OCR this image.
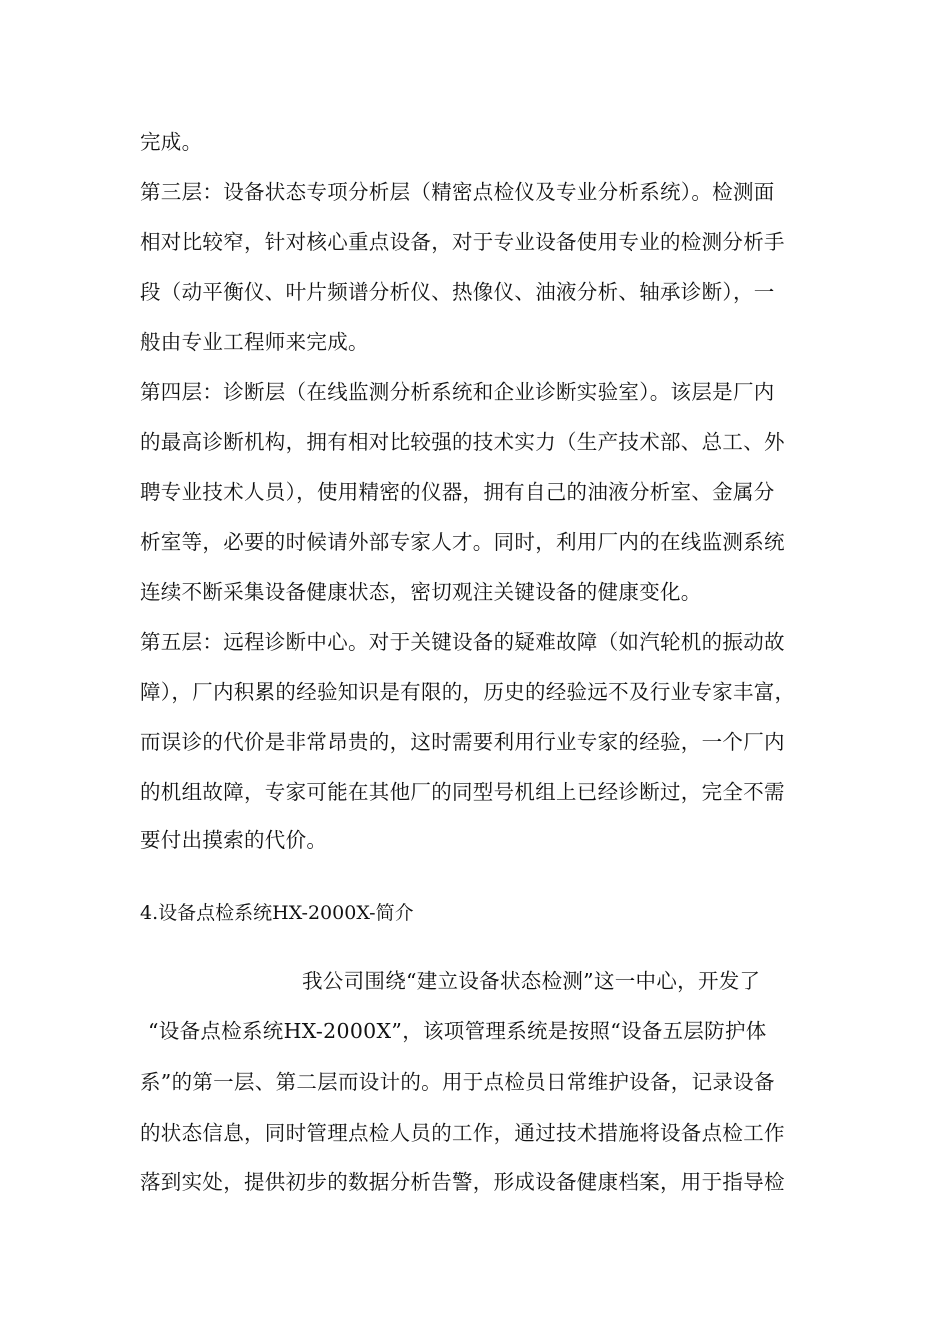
完成。
第三层：设备状态专项分析层（精密点检仪及专业分析系统）。检测面
相对比较窄，针对核心重点设备，对于专业设备使用专业的检测分析手
段（动平衡仪、叶片频谱分析仪、热像仪、油液分析、轴承诊断），一
般由专业工程师来完成。
第四层：诊断层（在线监测分析系统和企业诊断实验室）。该层是厂内
的最高诊断机构，拥有相对比较强的技术实力（生产技术部、总工、外
聘专业技术人员），使用精密的仪器，拥有自己的油液分析室、金属分
析室等，必要的时候请外部专家人才。同时，利用厂内的在线监测系统
连续不断采集设备健康状态，密切观注关键设备的健康变化。
第五层：远程诊断中心。对于关键设备的疑难故障（如汽轮机的振动故
障），厂内积累的经验知识是有限的，历史的经验远不及行业专家丰富，
而误诊的代价是非常昂贵的，这时需要利用行业专家的经验，一个厂内
的机组故障，专家可能在其他厂的同型号机组上已经诊断过，完全不需
要付出摸索的代价。
4.设备点检系统HX-2000X-简介
我公司围绕“建立设备状态检测”这一中心，开发了
“设备点检系统HX-2000X”，该项管理系统是按照“设备五层防护体
系”的第一层、第二层而设计的。用于点检员日常维护设备，记录设备
的状态信息，同时管理点检人员的工作，通过技术措施将设备点检工作
落到实处，提供初步的数据分析告警，形成设备健康档案，用于指导检
